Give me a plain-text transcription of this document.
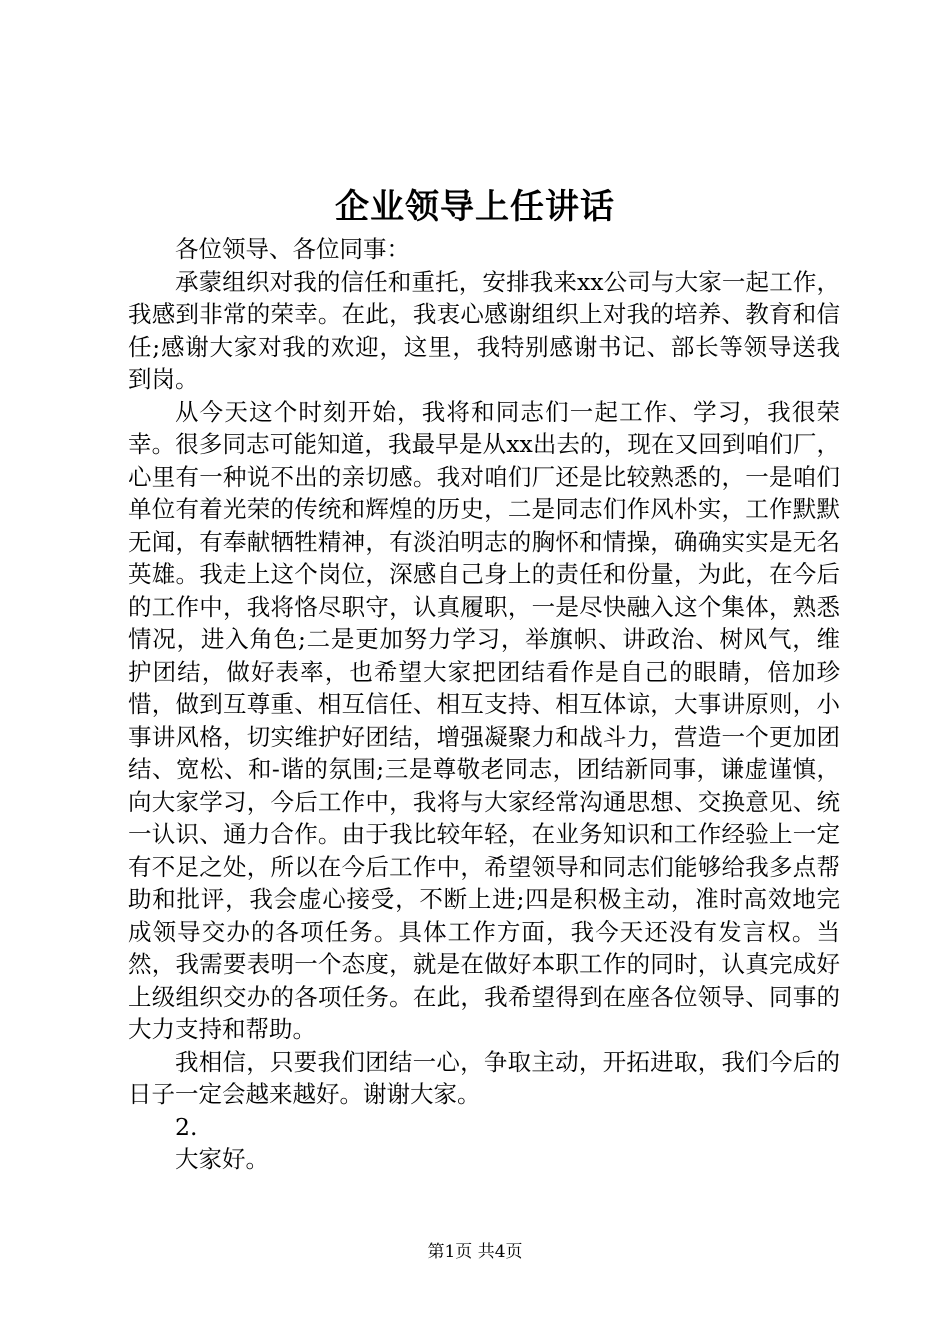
企业领导上任讲话

各位领导、各位同事：

承蒙组织对我的信任和重托，安排我来xx公司与大家一起工作，我感到非常的荣幸。在此，我衷心感谢组织上对我的培养、教育和信任;感谢大家对我的欢迎，这里，我特别感谢书记、部长等领导送我到岗。

从今天这个时刻开始，我将和同志们一起工作、学习，我很荣幸。很多同志可能知道，我最早是从xx出去的，现在又回到咱们厂，心里有一种说不出的亲切感。我对咱们厂还是比较熟悉的，一是咱们单位有着光荣的传统和辉煌的历史，二是同志们作风朴实，工作默默无闻，有奉献牺牲精神，有淡泊明志的胸怀和情操，确确实实是无名英雄。我走上这个岗位，深感自己身上的责任和份量，为此，在今后的工作中，我将恪尽职守，认真履职，一是尽快融入这个集体，熟悉情况，进入角色;二是更加努力学习，举旗帜、讲政治、树风气，维护团结，做好表率，也希望大家把团结看作是自己的眼睛，倍加珍惜，做到互尊重、相互信任、相互支持、相互体谅，大事讲原则，小事讲风格，切实维护好团结，增强凝聚力和战斗力，营造一个更加团结、宽松、和-谐的氛围;三是尊敬老同志，团结新同事，谦虚谨慎，向大家学习，今后工作中，我将与大家经常沟通思想、交换意见、统一认识、通力合作。由于我比较年轻，在业务知识和工作经验上一定有不足之处，所以在今后工作中，希望领导和同志们能够给我多点帮助和批评，我会虚心接受，不断上进;四是积极主动，准时高效地完成领导交办的各项任务。具体工作方面，我今天还没有发言权。当然，我需要表明一个态度，就是在做好本职工作的同时，认真完成好上级组织交办的各项任务。在此，我希望得到在座各位领导、同事的大力支持和帮助。

我相信，只要我们团结一心，争取主动，开拓进取，我们今后的日子一定会越来越好。谢谢大家。

2.

大家好。

第1页 共4页
